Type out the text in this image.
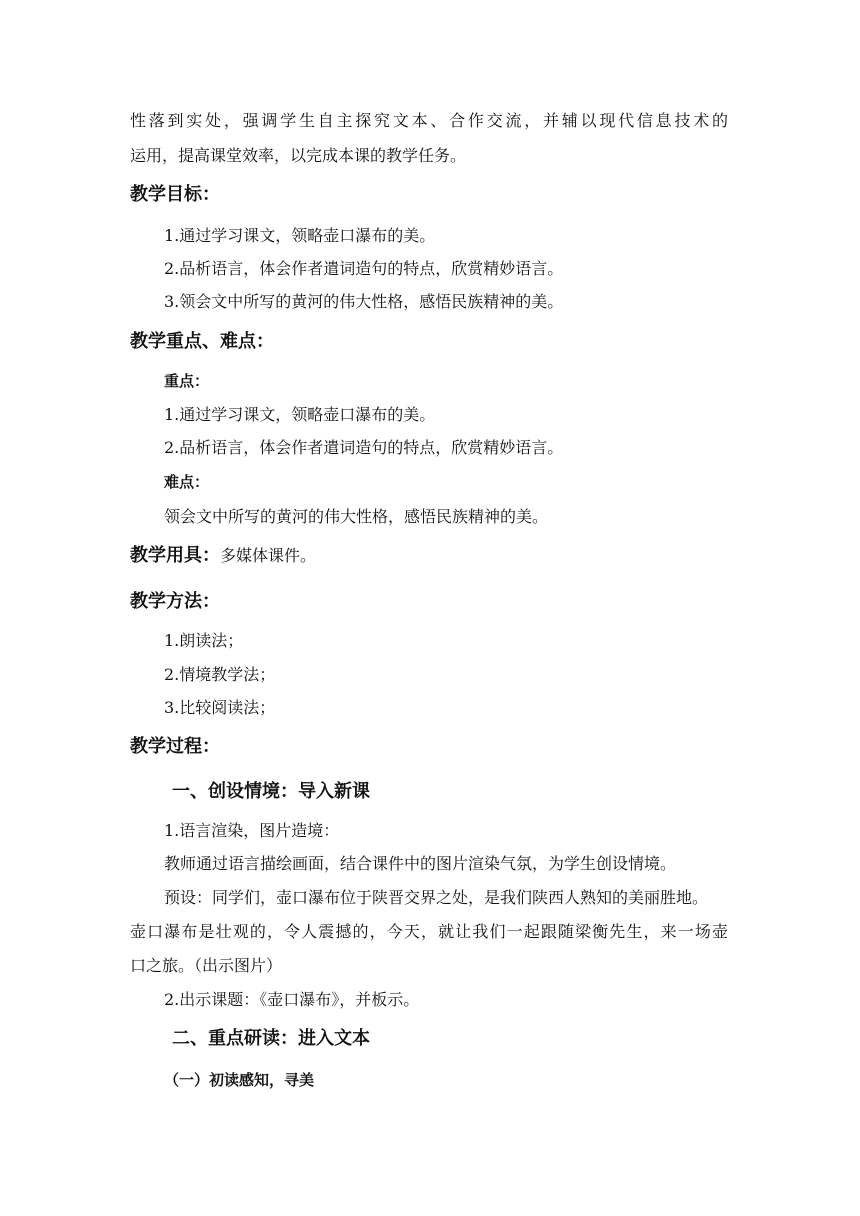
性落到实处，强调学生自主探究文本、合作交流，并辅以现代信息技术的
运用，提高课堂效率，以完成本课的教学任务。
教学目标：
1.通过学习课文，领略壶口瀑布的美。
2.品析语言，体会作者遣词造句的特点，欣赏精妙语言。
3.领会文中所写的黄河的伟大性格，感悟民族精神的美。
教学重点、难点：
重点：
1.通过学习课文，领略壶口瀑布的美。
2.品析语言，体会作者遣词造句的特点，欣赏精妙语言。
难点：
领会文中所写的黄河的伟大性格，感悟民族精神的美。
教学用具：多媒体课件。
教学方法：
1.朗读法；
2.情境教学法；
3.比较阅读法；
教学过程：
一、创设情境：导入新课
1.语言渲染，图片造境：
教师通过语言描绘画面，结合课件中的图片渲染气氛，为学生创设情境。
预设：同学们，壶口瀑布位于陕晋交界之处，是我们陕西人熟知的美丽胜地。
壶口瀑布是壮观的，令人震撼的，今天，就让我们一起跟随梁衡先生，来一场壶
口之旅。（出示图片）
2.出示课题：《壶口瀑布》，并板示。
二、重点研读：进入文本
（一）初读感知，寻美
